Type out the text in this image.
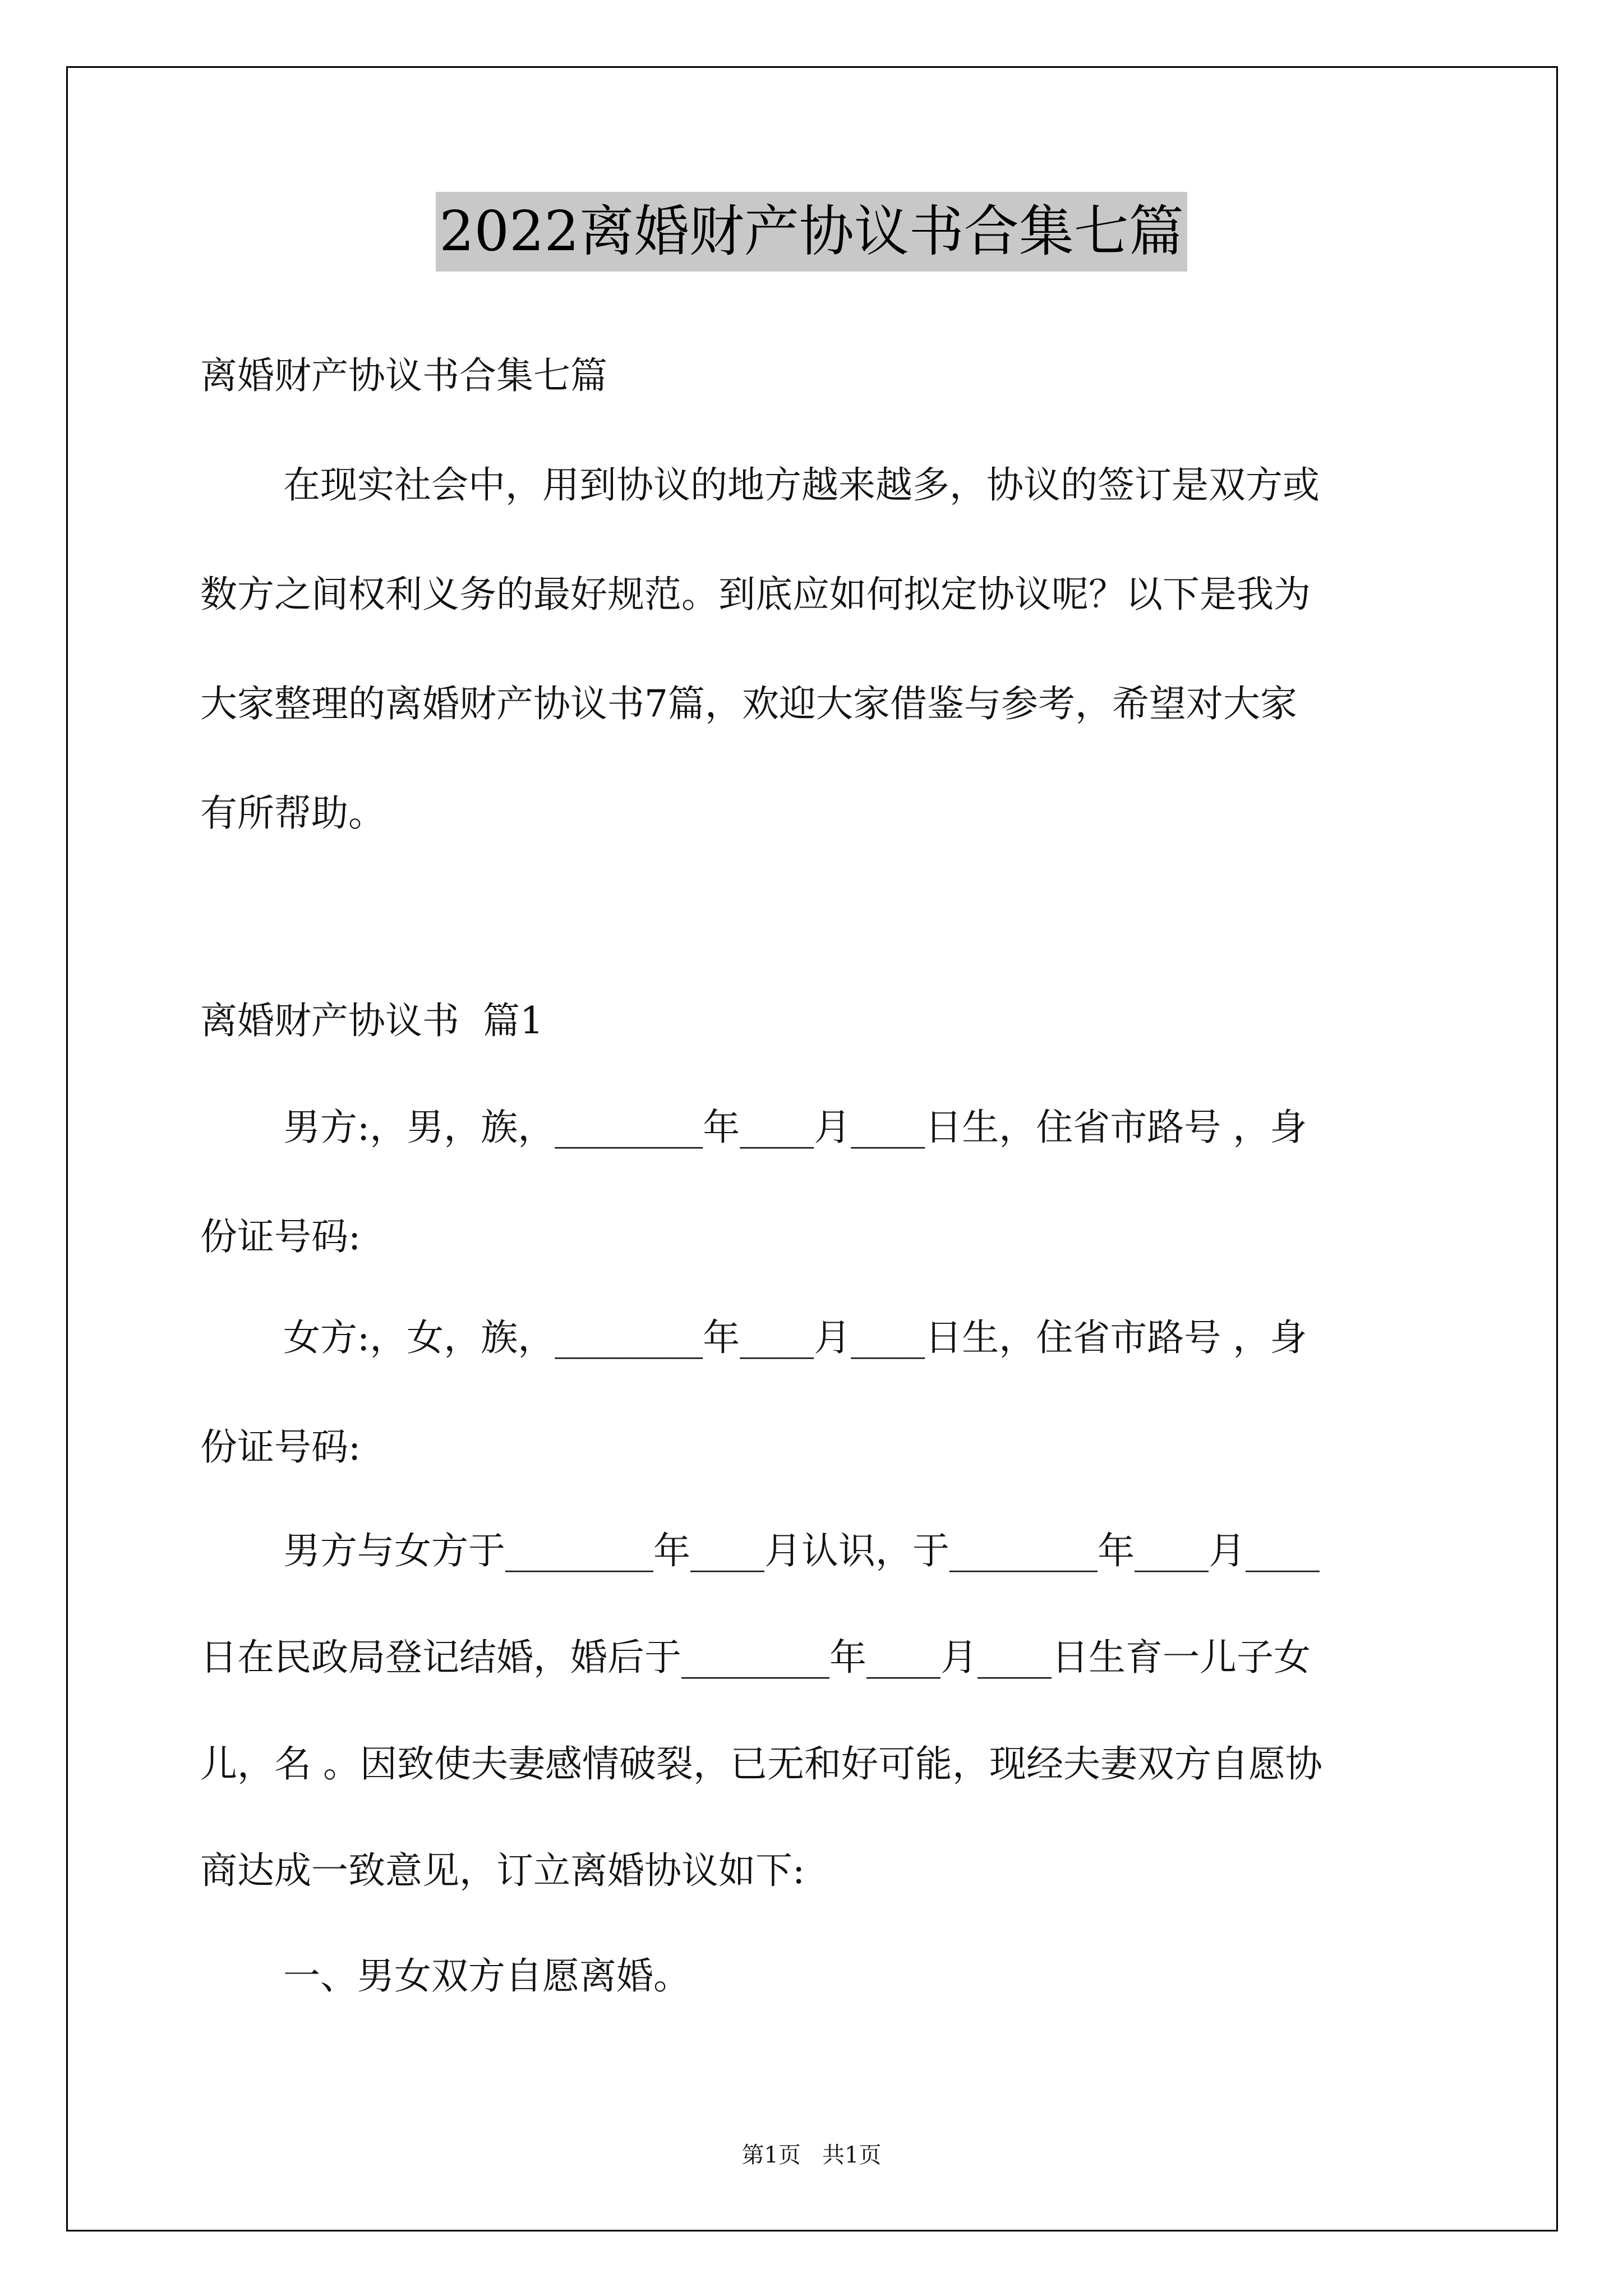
2022离婚财产协议书合集七篇
离婚财产协议书合集七篇
在现实社会中，用到协议的地方越来越多，协议的签订是双方或
数方之间权利义务的最好规范。到底应如何拟定协议呢？以下是我为
大家整理的离婚财产协议书7篇，欢迎大家借鉴与参考，希望对大家
有所帮助。
离婚财产协议书  篇1
男方:，男，族，________年____月____日生，住省市路号 ，身
份证号码:
女方:，女，族，________年____月____日生，住省市路号 ，身
份证号码:
男方与女方于________年____月认识，于________年____月____
日在民政局登记结婚，婚后于________年____月____日生育一儿子女
儿，名 。因致使夫妻感情破裂，已无和好可能，现经夫妻双方自愿协
商达成一致意见，订立离婚协议如下:
一、男女双方自愿离婚。
第1页   共1页
